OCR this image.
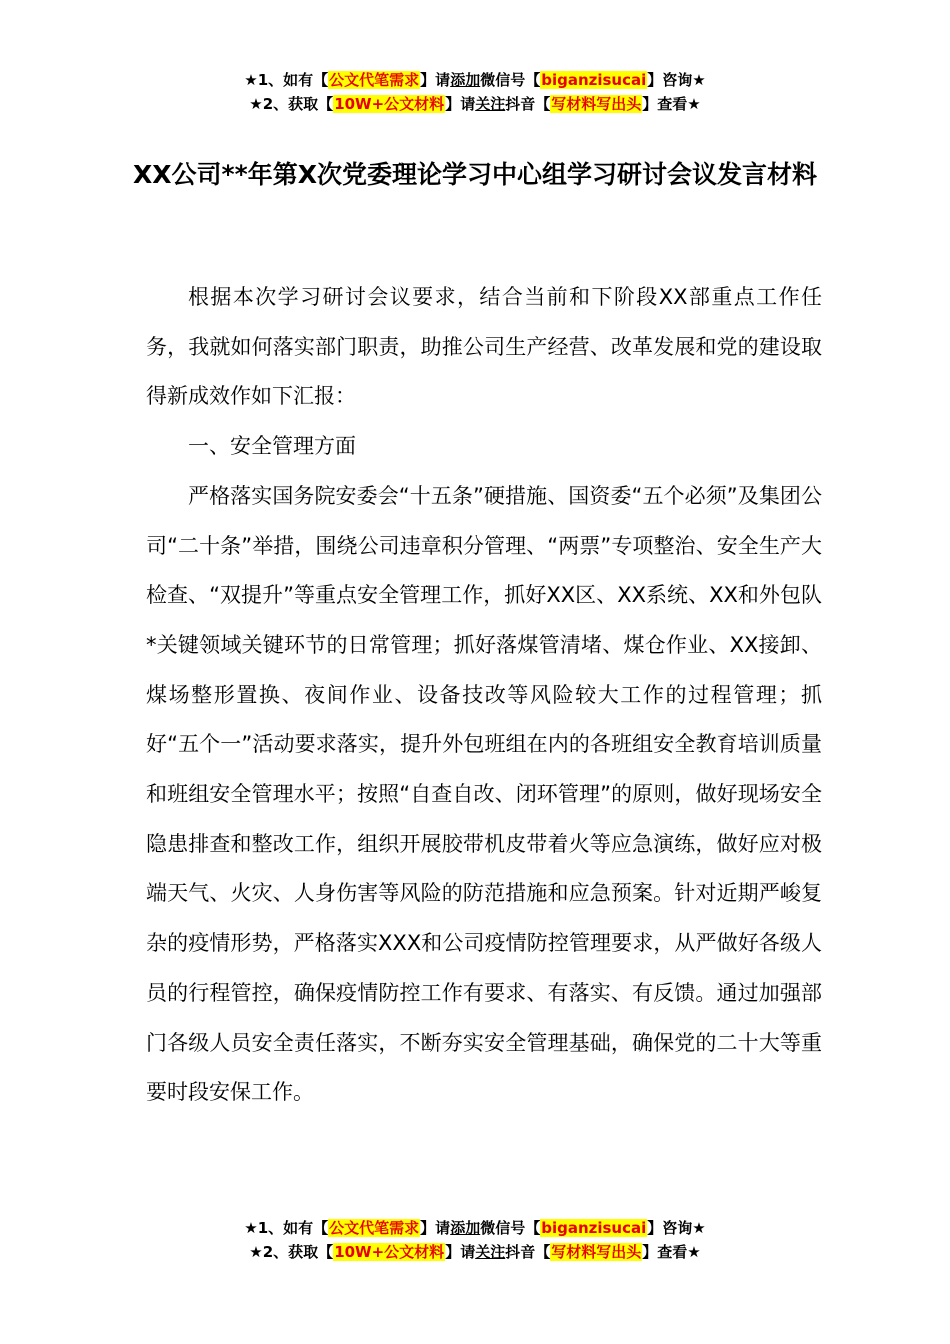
★1、如有【公文代笔需求】请添加微信号【biganzisucai】咨询★
★2、获取【10W+公文材料】请关注抖音【写材料写出头】查看★
XX公司**年第X次党委理论学习中心组学习研讨会议发言材料

根据本次学习研讨会议要求，结合当前和下阶段XX部重点工作任务，我就如何落实部门职责，助推公司生产经营、改革发展和党的建设取得新成效作如下汇报：

一、安全管理方面

严格落实国务院安委会“十五条”硬措施、国资委“五个必须”及集团公司“二十条”举措，围绕公司违章积分管理、“两票”专项整治、安全生产大检查、“双提升”等重点安全管理工作，抓好XX区、XX系统、XX和外包队*关键领域关键环节的日常管理；抓好落煤管清堵、煤仓作业、XX接卸、煤场整形置换、夜间作业、设备技改等风险较大工作的过程管理；抓好“五个一”活动要求落实，提升外包班组在内的各班组安全教育培训质量和班组安全管理水平；按照“自查自改、闭环管理”的原则，做好现场安全隐患排查和整改工作，组织开展胶带机皮带着火等应急演练，做好应对极端天气、火灾、人身伤害等风险的防范措施和应急预案。针对近期严峻复杂的疫情形势，严格落实XXX和公司疫情防控管理要求，从严做好各级人员的行程管控，确保疫情防控工作有要求、有落实、有反馈。通过加强部门各级人员安全责任落实，不断夯实安全管理基础，确保党的二十大等重要时段安保工作。

★1、如有【公文代笔需求】请添加微信号【biganzisucai】咨询★
★2、获取【10W+公文材料】请关注抖音【写材料写出头】查看★
